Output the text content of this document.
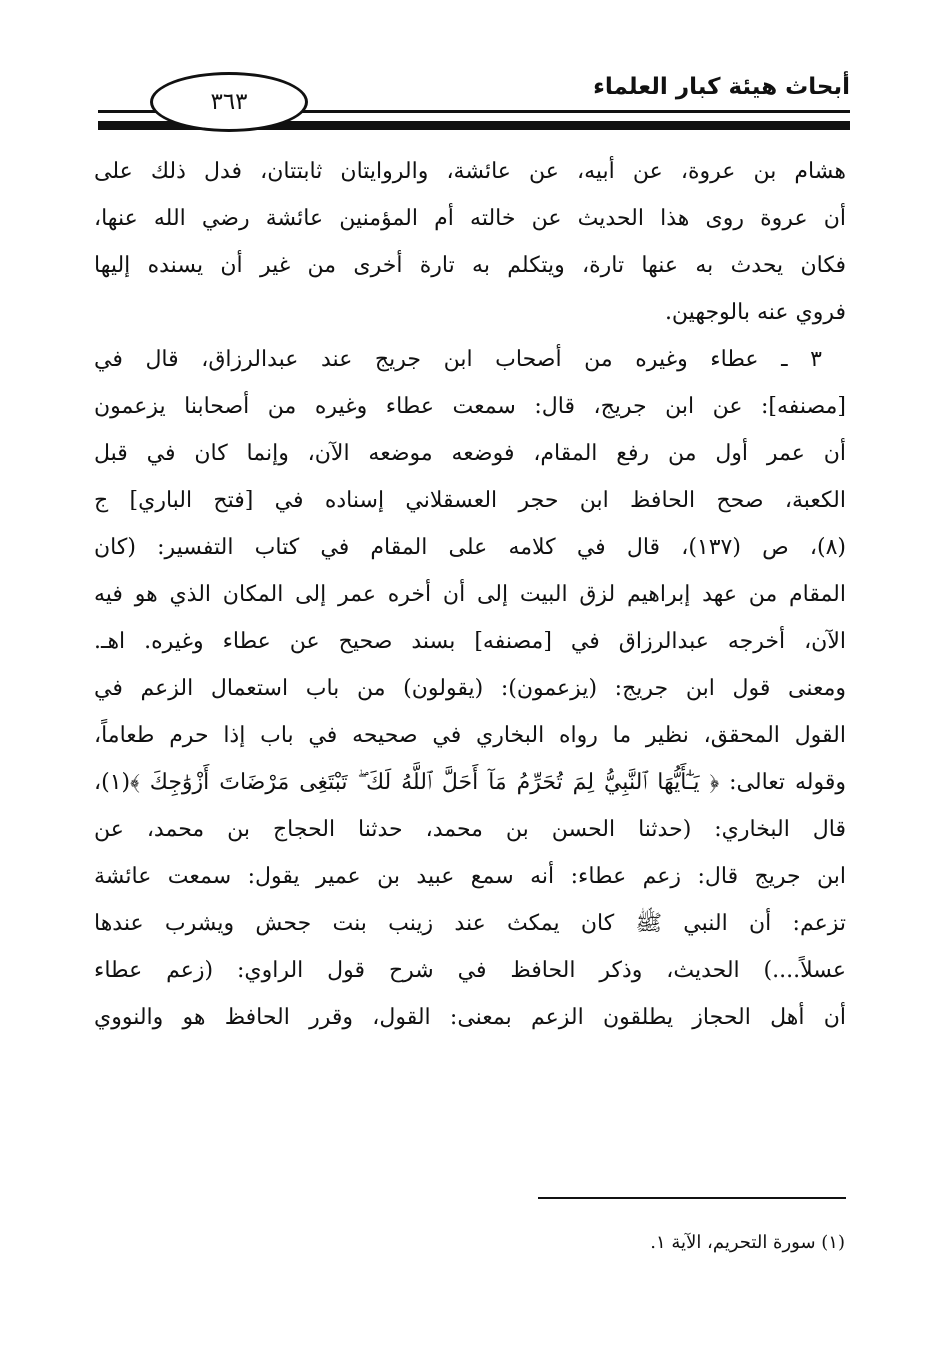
أبحاث هيئة كبار العلماء
٣٦٣
هشام بن عروة، عن أبيه، عن عائشة، والروايتان ثابتتان، فدل ذلك على
أن عروة روى هذا الحديث عن خالته أم المؤمنين عائشة رضي الله عنها،
فكان يحدث به عنها تارة، ويتكلم به تارة أخرى من غير أن يسنده إليها
فروي عنه بالوجهين.
٣ ـ عطاء وغيره من أصحاب ابن جريج عند عبدالرزاق، قال في
[مصنفه]: عن ابن جريج، قال: سمعت عطاء وغيره من أصحابنا يزعمون
أن عمر أول من رفع المقام، فوضعه موضعه الآن، وإنما كان في قبل
الكعبة، صحح الحافظ ابن حجر العسقلاني إسناده في [فتح الباري] ج
(٨)، ص (١٣٧)، قال في كلامه على المقام في كتاب التفسير: (كان
المقام من عهد إبراهيم لزق البيت إلى أن أخره عمر إلى المكان الذي هو فيه
الآن، أخرجه عبدالرزاق في [مصنفه] بسند صحيح عن عطاء وغيره. اهـ.
ومعنى قول ابن جريج: (يزعمون): (يقولون) من باب استعمال الزعم في
القول المحقق، نظير ما رواه البخاري في صحيحه في باب إذا حرم طعاماً،
وقوله تعالى: ﴿ يَـٰٓأَيُّهَا ٱلنَّبِيُّ لِمَ تُحَرِّمُ مَآ أَحَلَّ ٱللَّهُ لَكَ ۖ تَبْتَغِى مَرْضَاتَ أَزْوَٰجِكَ ﴾(١)،
قال البخاري: (حدثنا الحسن بن محمد، حدثنا الحجاج بن محمد، عن
ابن جريج قال: زعم عطاء: أنه سمع عبيد بن عمير يقول: سمعت عائشة
تزعم: أن النبي ﷺ كان يمكث عند زينب بنت جحش ويشرب عندها
عسلاً....) الحديث، وذكر الحافظ في شرح قول الراوي: (زعم عطاء
أن أهل الحجاز يطلقون الزعم بمعنى: القول، وقرر الحافظ هو والنووي
(١) سورة التحريم، الآية ١.
